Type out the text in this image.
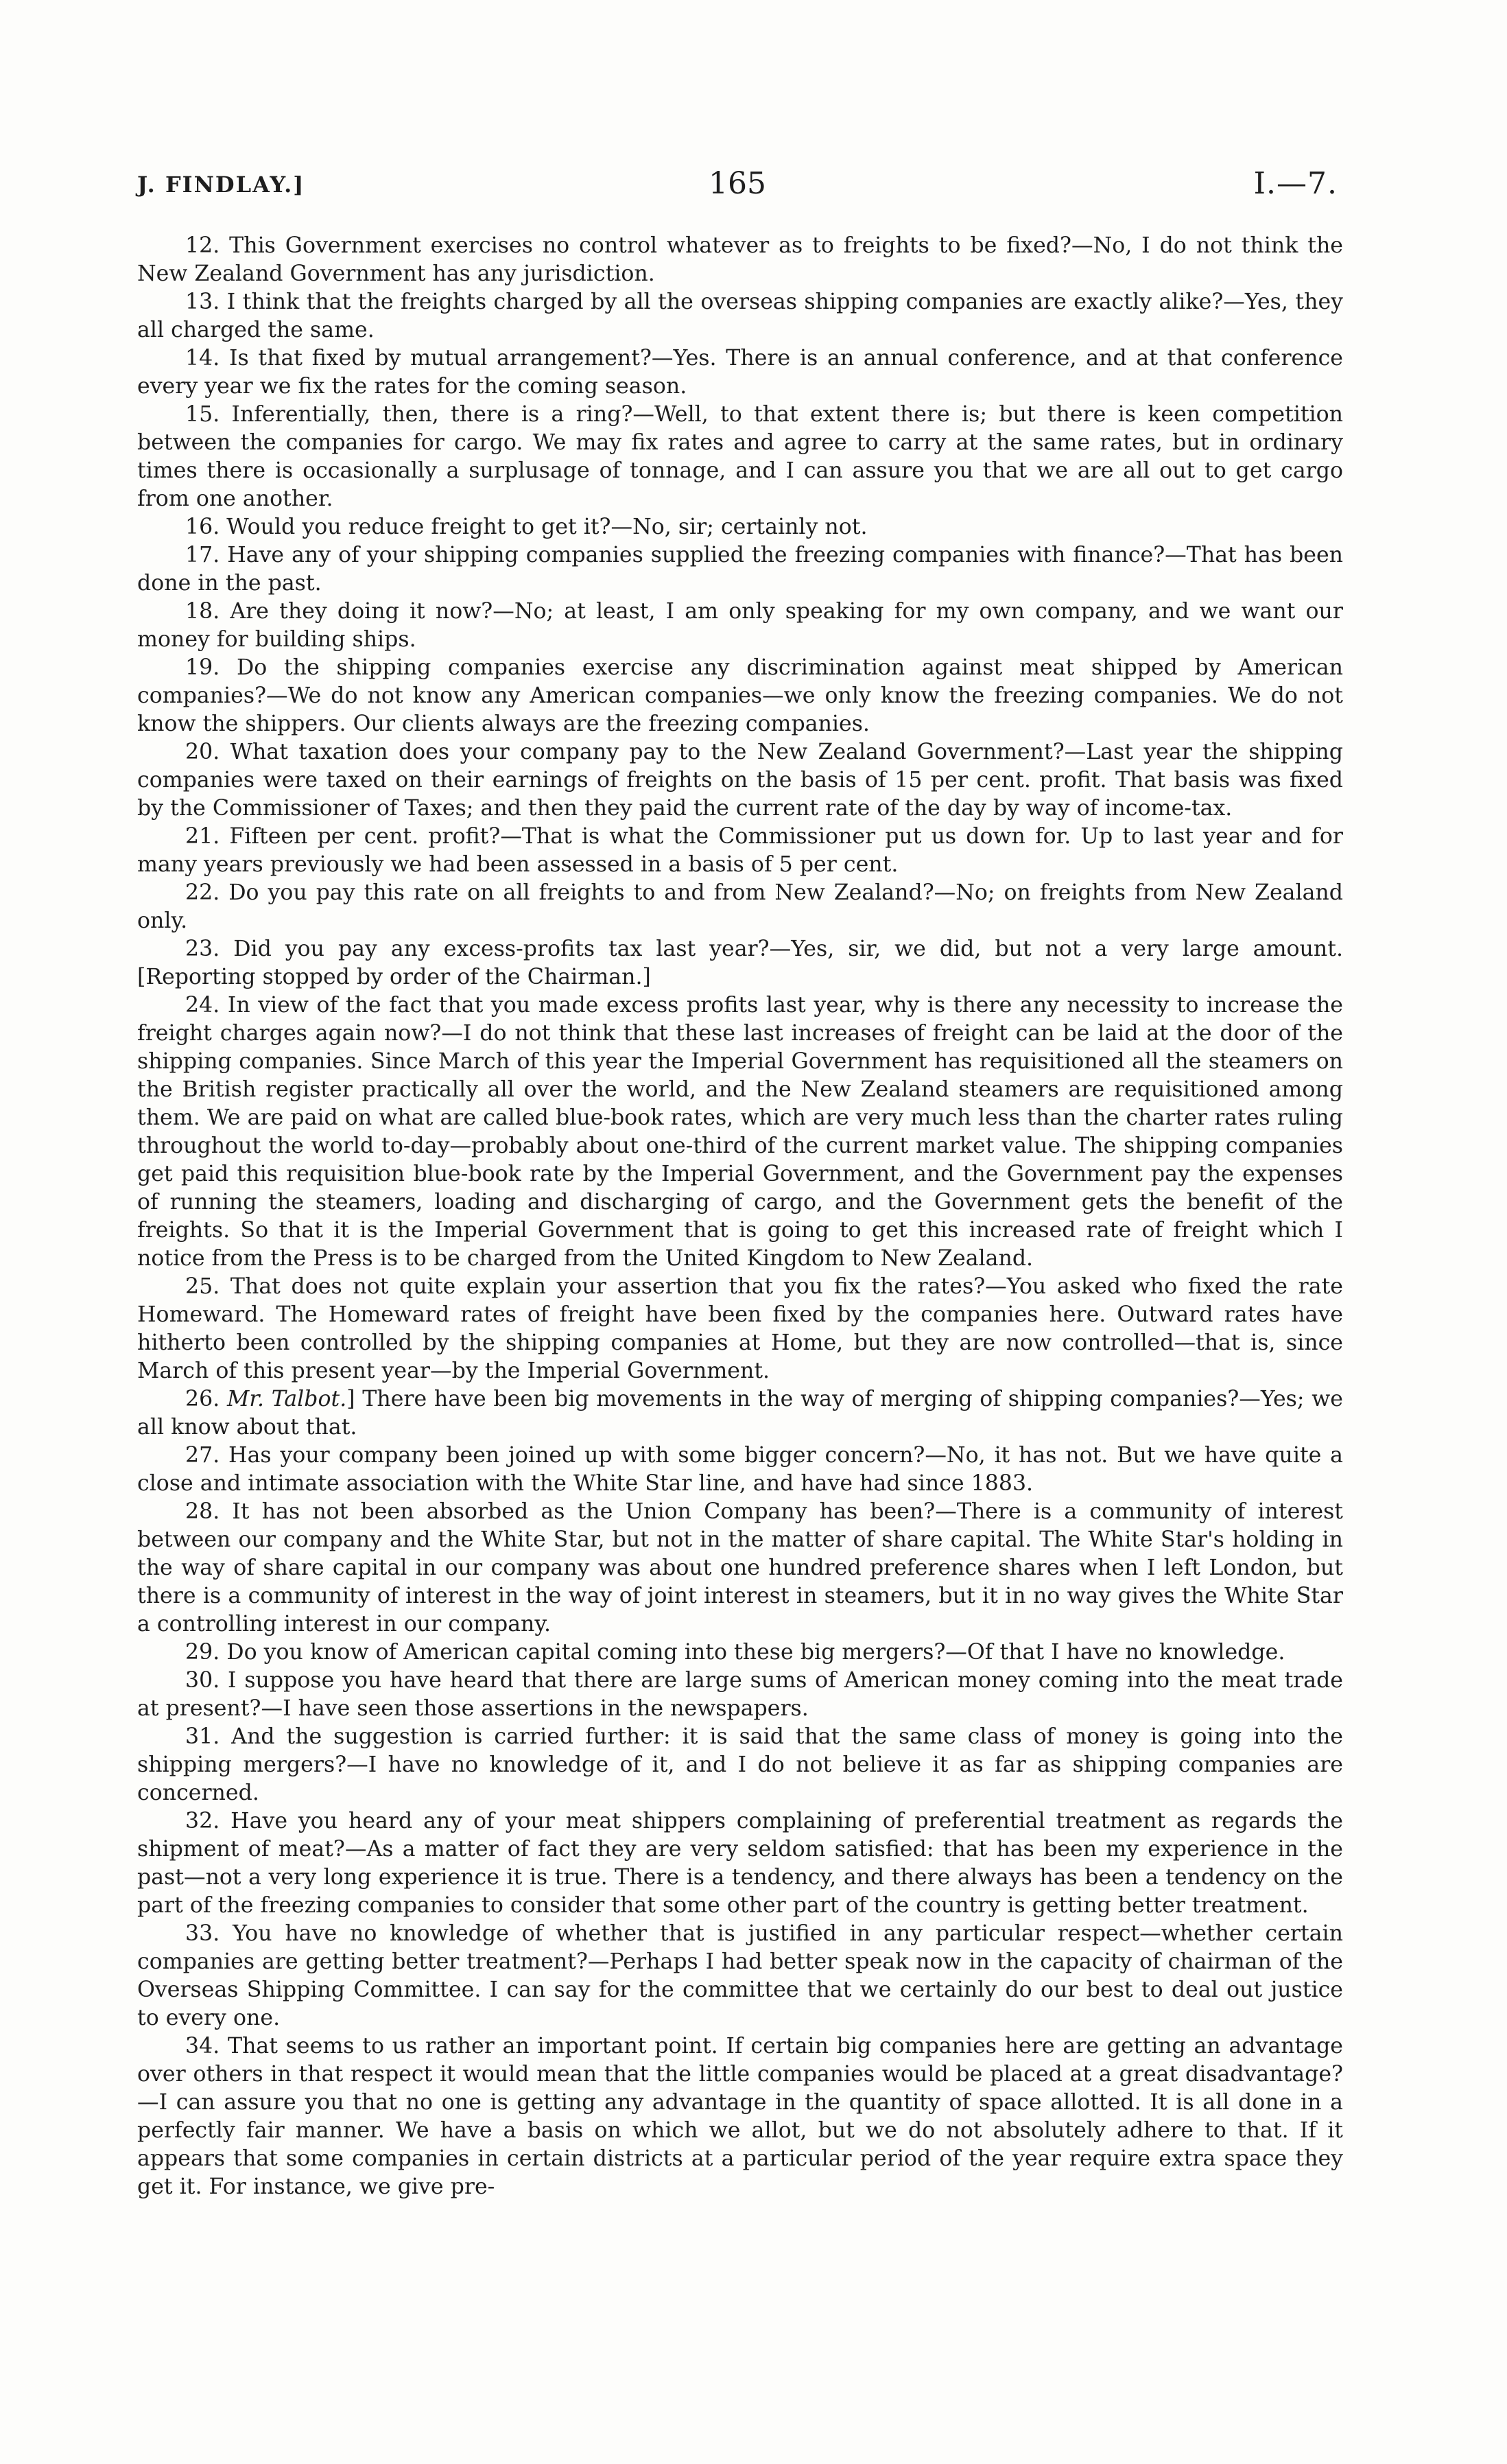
J. FINDLAY.]	165	I.—7.

12. This Government exercises no control whatever as to freights to be fixed?—No, I do not think the New Zealand Government has any jurisdiction.

13. I think that the freights charged by all the overseas shipping companies are exactly alike?—Yes, they all charged the same.

14. Is that fixed by mutual arrangement?—Yes. There is an annual conference, and at that conference every year we fix the rates for the coming season.

15. Inferentially, then, there is a ring?—Well, to that extent there is; but there is keen competition between the companies for cargo. We may fix rates and agree to carry at the same rates, but in ordinary times there is occasionally a surplusage of tonnage, and I can assure you that we are all out to get cargo from one another.

16. Would you reduce freight to get it?—No, sir; certainly not.

17. Have any of your shipping companies supplied the freezing companies with finance?—That has been done in the past.

18. Are they doing it now?—No; at least, I am only speaking for my own company, and we want our money for building ships.

19. Do the shipping companies exercise any discrimination against meat shipped by American companies?—We do not know any American companies—we only know the freezing companies. We do not know the shippers. Our clients always are the freezing companies.

20. What taxation does your company pay to the New Zealand Government?—Last year the shipping companies were taxed on their earnings of freights on the basis of 15 per cent. profit. That basis was fixed by the Commissioner of Taxes; and then they paid the current rate of the day by way of income-tax.

21. Fifteen per cent. profit?—That is what the Commissioner put us down for. Up to last year and for many years previously we had been assessed in a basis of 5 per cent.

22. Do you pay this rate on all freights to and from New Zealand?—No; on freights from New Zealand only.

23. Did you pay any excess-profits tax last year?—Yes, sir, we did, but not a very large amount. [Reporting stopped by order of the Chairman.]

24. In view of the fact that you made excess profits last year, why is there any necessity to increase the freight charges again now?—I do not think that these last increases of freight can be laid at the door of the shipping companies. Since March of this year the Imperial Government has requisitioned all the steamers on the British register practically all over the world, and the New Zealand steamers are requisitioned among them. We are paid on what are called blue-book rates, which are very much less than the charter rates ruling throughout the world to-day—probably about one-third of the current market value. The shipping companies get paid this requisition blue-book rate by the Imperial Government, and the Government pay the expenses of running the steamers, loading and discharging of cargo, and the Government gets the benefit of the freights. So that it is the Imperial Government that is going to get this increased rate of freight which I notice from the Press is to be charged from the United Kingdom to New Zealand.

25. That does not quite explain your assertion that you fix the rates?—You asked who fixed the rate Homeward. The Homeward rates of freight have been fixed by the companies here. Outward rates have hitherto been controlled by the shipping companies at Home, but they are now controlled—that is, since March of this present year—by the Imperial Government.

26. Mr. Talbot.] There have been big movements in the way of merging of shipping companies?—Yes; we all know about that.

27. Has your company been joined up with some bigger concern?—No, it has not. But we have quite a close and intimate association with the White Star line, and have had since 1883.

28. It has not been absorbed as the Union Company has been?—There is a community of interest between our company and the White Star, but not in the matter of share capital. The White Star's holding in the way of share capital in our company was about one hundred preference shares when I left London, but there is a community of interest in the way of joint interest in steamers, but it in no way gives the White Star a controlling interest in our company.

29. Do you know of American capital coming into these big mergers?—Of that I have no knowledge.

30. I suppose you have heard that there are large sums of American money coming into the meat trade at present?—I have seen those assertions in the newspapers.

31. And the suggestion is carried further: it is said that the same class of money is going into the shipping mergers?—I have no knowledge of it, and I do not believe it as far as shipping companies are concerned.

32. Have you heard any of your meat shippers complaining of preferential treatment as regards the shipment of meat?—As a matter of fact they are very seldom satisfied: that has been my experience in the past—not a very long experience it is true. There is a tendency, and there always has been a tendency on the part of the freezing companies to consider that some other part of the country is getting better treatment.

33. You have no knowledge of whether that is justified in any particular respect—whether certain companies are getting better treatment?—Perhaps I had better speak now in the capacity of chairman of the Overseas Shipping Committee. I can say for the committee that we certainly do our best to deal out justice to every one.

34. That seems to us rather an important point. If certain big companies here are getting an advantage over others in that respect it would mean that the little companies would be placed at a great disadvantage?—I can assure you that no one is getting any advantage in the quantity of space allotted. It is all done in a perfectly fair manner. We have a basis on which we allot, but we do not absolutely adhere to that. If it appears that some companies in certain districts at a particular period of the year require extra space they get it. For instance, we give pre-
